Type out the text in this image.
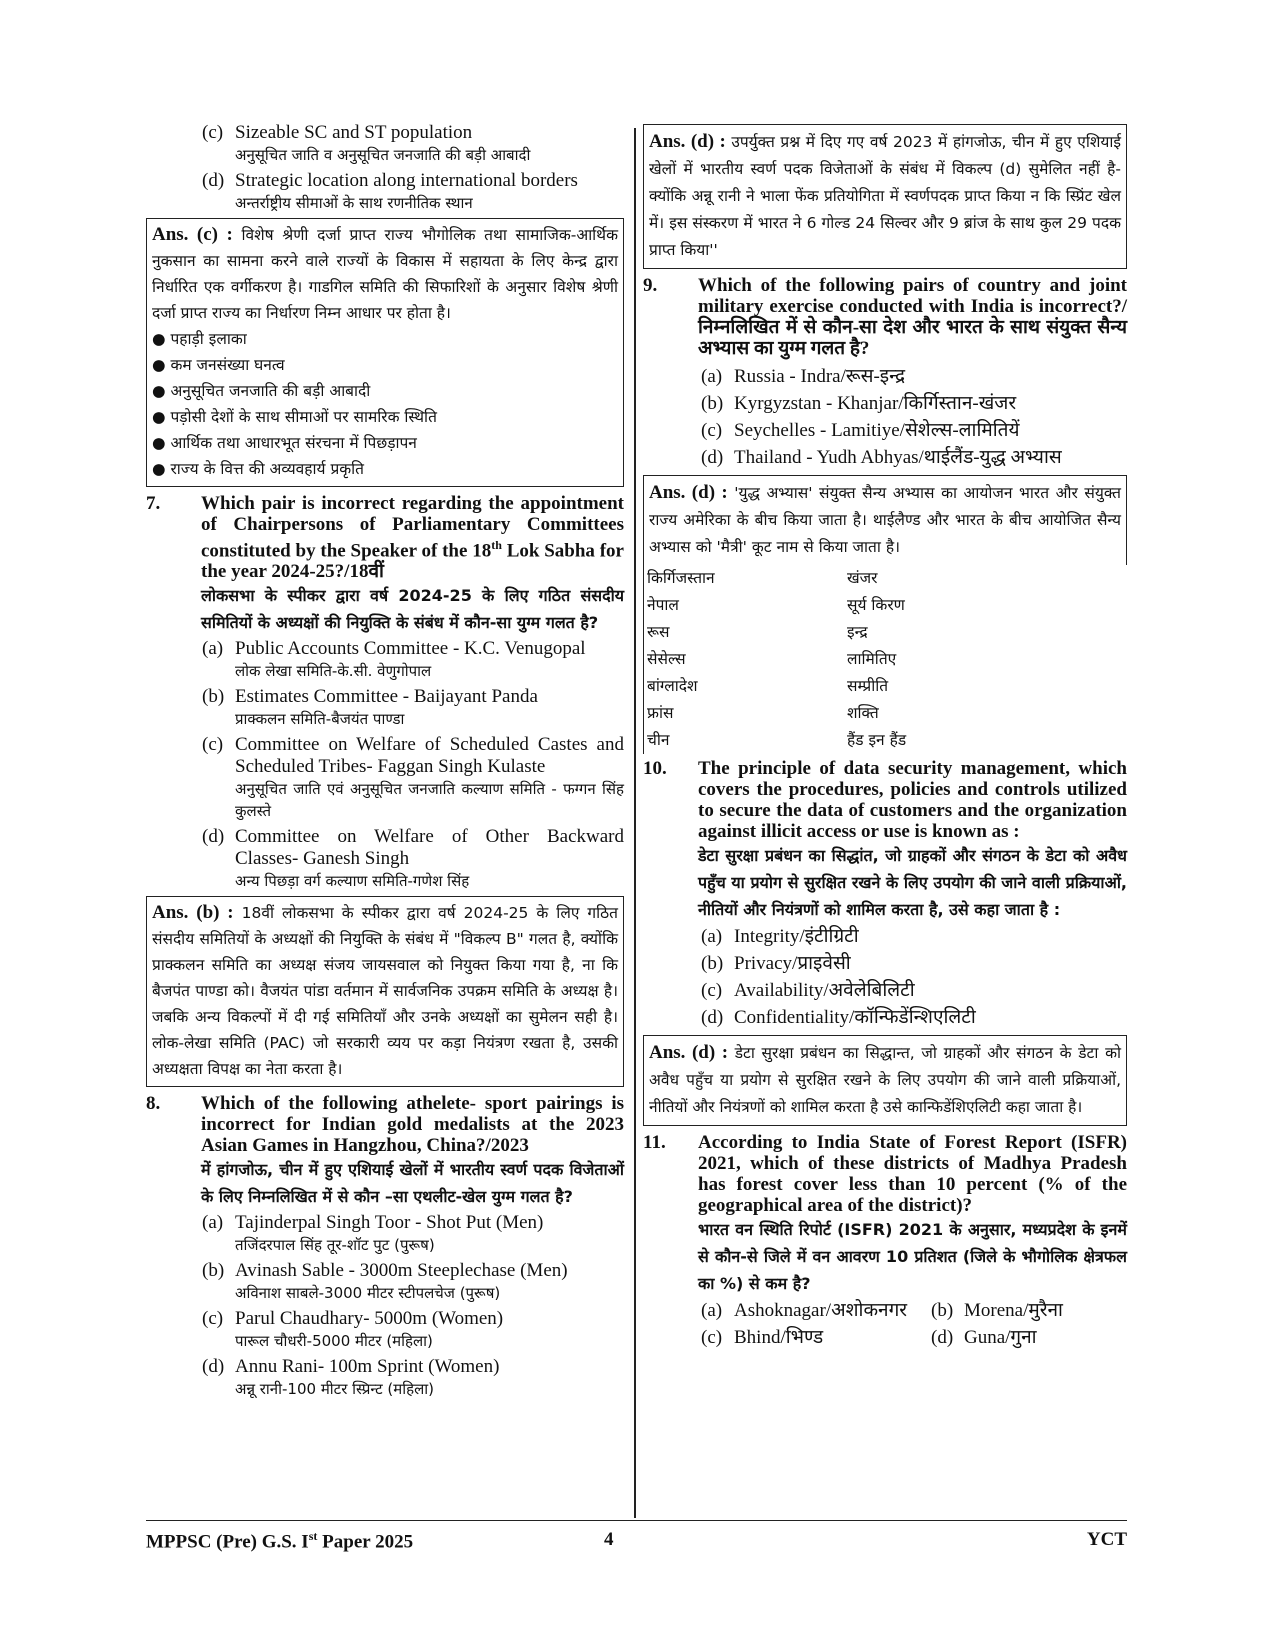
(c) Sizeable SC and ST population
अनुसूचित जाति व अनुसूचित जनजाति की बड़ी आबादी
(d) Strategic location along international borders
अन्तर्राष्ट्रीय सीमाओं के साथ रणनीतिक स्थान
Ans. (c) : विशेष श्रेणी दर्जा प्राप्त राज्य भौगोलिक तथा सामाजिक-आर्थिक नुकसान का सामना करने वाले राज्यों के विकास में सहायता के लिए केन्द्र द्वारा निर्धारित एक वर्गीकरण है। गाडगिल समिति की सिफारिशों के अनुसार विशेष श्रेणी दर्जा प्राप्त राज्य का निर्धारण निम्न आधार पर होता है।
● पहाड़ी इलाका
● कम जनसंख्या घनत्व
● अनुसूचित जनजाति की बड़ी आबादी
● पड़ोसी देशों के साथ सीमाओं पर सामरिक स्थिति
● आर्थिक तथा आधारभूत संरचना में पिछड़ापन
● राज्य के वित्त की अव्यवहार्य प्रकृति
7.	Which pair is incorrect regarding the appointment of Chairpersons of Parliamentary Committees constituted by the Speaker of the 18th Lok Sabha for the year 2024-25?/18वीं
लोकसभा के स्पीकर द्वारा वर्ष 2024-25 के लिए गठित संसदीय समितियों के अध्यक्षों की नियुक्ति के संबंध में कौन-सा युग्म गलत है?
(a) Public Accounts Committee - K.C. Venugopal
लोक लेखा समिति-के.सी. वेणुगोपाल
(b) Estimates Committee - Baijayant Panda
प्राक्कलन समिति-बैजयंत पाण्डा
(c) Committee on Welfare of Scheduled Castes and Scheduled Tribes- Faggan Singh Kulaste
अनुसूचित जाति एवं अनुसूचित जनजाति कल्याण समिति - फग्गन सिंह कुलस्ते
(d) Committee on Welfare of Other Backward Classes- Ganesh Singh
अन्य पिछड़ा वर्ग कल्याण समिति-गणेश सिंह
Ans. (b) : 18वीं लोकसभा के स्पीकर द्वारा वर्ष 2024-25 के लिए गठित संसदीय समितियों के अध्यक्षों की नियुक्ति के संबंध में "विकल्प B" गलत है, क्योंकि प्राक्कलन समिति का अध्यक्ष संजय जायसवाल को नियुक्त किया गया है, ना कि बैजपंत पाण्डा को। वैजयंत पांडा वर्तमान में सार्वजनिक उपक्रम समिति के अध्यक्ष है। जबकि अन्य विकल्पों में दी गई समितियाँ और उनके अध्यक्षों का सुमेलन सही है। लोक-लेखा समिति (PAC) जो सरकारी व्यय पर कड़ा नियंत्रण रखता है, उसकी अध्यक्षता विपक्ष का नेता करता है।
8.	Which of the following athelete- sport pairings is incorrect for Indian gold medalists at the 2023 Asian Games in Hangzhou, China?/2023
में हांगजोऊ, चीन में हुए एशियाई खेलों में भारतीय स्वर्ण पदक विजेताओं के लिए निम्नलिखित में से कौन –सा एथलीट-खेल युग्म गलत है?
(a) Tajinderpal Singh Toor - Shot Put (Men)
तजिंदरपाल सिंह तूर-शॉट पुट (पुरूष)
(b) Avinash Sable - 3000m Steeplechase (Men)
अविनाश साबले-3000 मीटर स्टीपलचेज (पुरूष)
(c) Parul Chaudhary- 5000m (Women)
पारूल चौधरी-5000 मीटर (महिला)
(d) Annu Rani- 100m Sprint (Women)
अन्नू रानी-100 मीटर स्प्रिन्ट (महिला)
Ans. (d) : उपर्युक्त प्रश्न में दिए गए वर्ष 2023 में हांगजोऊ, चीन में हुए एशियाई खेलों में भारतीय स्वर्ण पदक विजेताओं के संबंध में विकल्प (d) सुमेलित नहीं है- क्योंकि अन्नू रानी ने भाला फेंक प्रतियोगिता में स्वर्णपदक प्राप्त किया न कि स्प्रिंट खेल में। इस संस्करण में भारत ने 6 गोल्ड 24 सिल्वर और 9 ब्रांज के साथ कुल 29 पदक प्राप्त किया''
9.	Which of the following pairs of country and joint military exercise conducted with India is incorrect?/निम्नलिखित में से कौन-सा देश और भारत के साथ संयुक्त सैन्य अभ्यास का युग्म गलत है?
(a) Russia - Indra/रूस-इन्द्र
(b) Kyrgyzstan - Khanjar/किर्गिस्तान-खंजर
(c) Seychelles - Lamitiye/सेशेल्स-लामितियें
(d) Thailand - Yudh Abhyas/थाईलैंड-युद्ध अभ्यास
Ans. (d) : 'युद्ध अभ्यास' संयुक्त सैन्य अभ्यास का आयोजन भारत और संयुक्त राज्य अमेरिका के बीच किया जाता है। थाईलैण्ड और भारत के बीच आयोजित सैन्य अभ्यास को 'मैत्री' कूट नाम से किया जाता है।
किर्गिजस्तान	खंजर
नेपाल	सूर्य किरण
रूस	इन्द्र
सेसेल्स	लामितिए
बांग्लादेश	सम्प्रीति
फ्रांस	शक्ति
चीन	हैंड इन हैंड
10.	The principle of data security management, which covers the procedures, policies and controls utilized to secure the data of customers and the organization against illicit access or use is known as :
डेटा सुरक्षा प्रबंधन का सिद्धांत, जो ग्राहकों और संगठन के डेटा को अवैध पहुँच या प्रयोग से सुरक्षित रखने के लिए उपयोग की जाने वाली प्रक्रियाओं, नीतियों और नियंत्रणों को शामिल करता है, उसे कहा जाता है :
(a) Integrity/इंटीग्रिटी
(b) Privacy/प्राइवेसी
(c) Availability/अवेलेबिलिटी
(d) Confidentiality/कॉन्फिडेंन्शिएलिटी
Ans. (d) : डेटा सुरक्षा प्रबंधन का सिद्धान्त, जो ग्राहकों और संगठन के डेटा को अवैध पहुँच या प्रयोग से सुरक्षित रखने के लिए उपयोग की जाने वाली प्रक्रियाओं, नीतियों और नियंत्रणों को शामिल करता है उसे कान्फिडेंशिएलिटी कहा जाता है।
11.	According to India State of Forest Report (ISFR) 2021, which of these districts of Madhya Pradesh has forest cover less than 10 percent (% of the geographical area of the district)?
भारत वन स्थिति रिपोर्ट (ISFR) 2021 के अनुसार, मध्यप्रदेश के इनमें से कौन-से जिले में वन आवरण 10 प्रतिशत (जिले के भौगोलिक क्षेत्रफल का %) से कम है?
(a) Ashoknagar/अशोकनगर	(b) Morena/मुरैना
(c) Bhind/भिण्ड	(d) Guna/गुना
MPPSC (Pre) G.S. Ist Paper 2025	4	YCT
